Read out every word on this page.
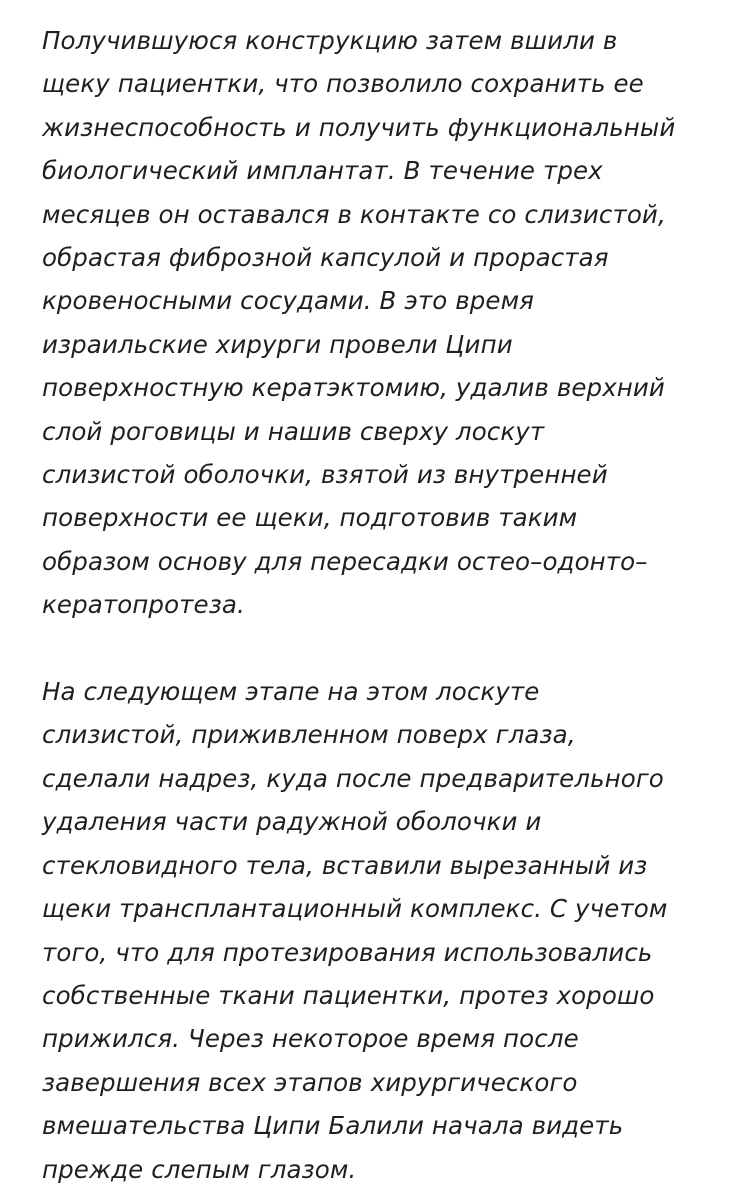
Получившуюся конструкцию затем вшили в
щеку пациентки, что позволило сохранить ее
жизнеспособность и получить функциональный
биологический имплантат. В течение трех
месяцев он оставался в контакте со слизистой,
обрастая фиброзной капсулой и прорастая
кровеносными сосудами. В это время
израильские хирурги провели Ципи
поверхностную кератэктомию, удалив верхний
слой роговицы и нашив сверху лоскут
слизистой оболочки, взятой из внутренней
поверхности ее щеки, подготовив таким
образом основу для пересадки остео–одонто–
кератопротеза.

На следующем этапе на этом лоскуте
слизистой, приживленном поверх глаза,
сделали надрез, куда после предварительного
удаления части радужной оболочки и
стекловидного тела, вставили вырезанный из
щеки трансплантационный комплекс. С учетом
того, что для протезирования использовались
собственные ткани пациентки, протез хорошо
прижился. Через некоторое время после
завершения всех этапов хирургического
вмешательства Ципи Балили начала видеть
прежде слепым глазом.
